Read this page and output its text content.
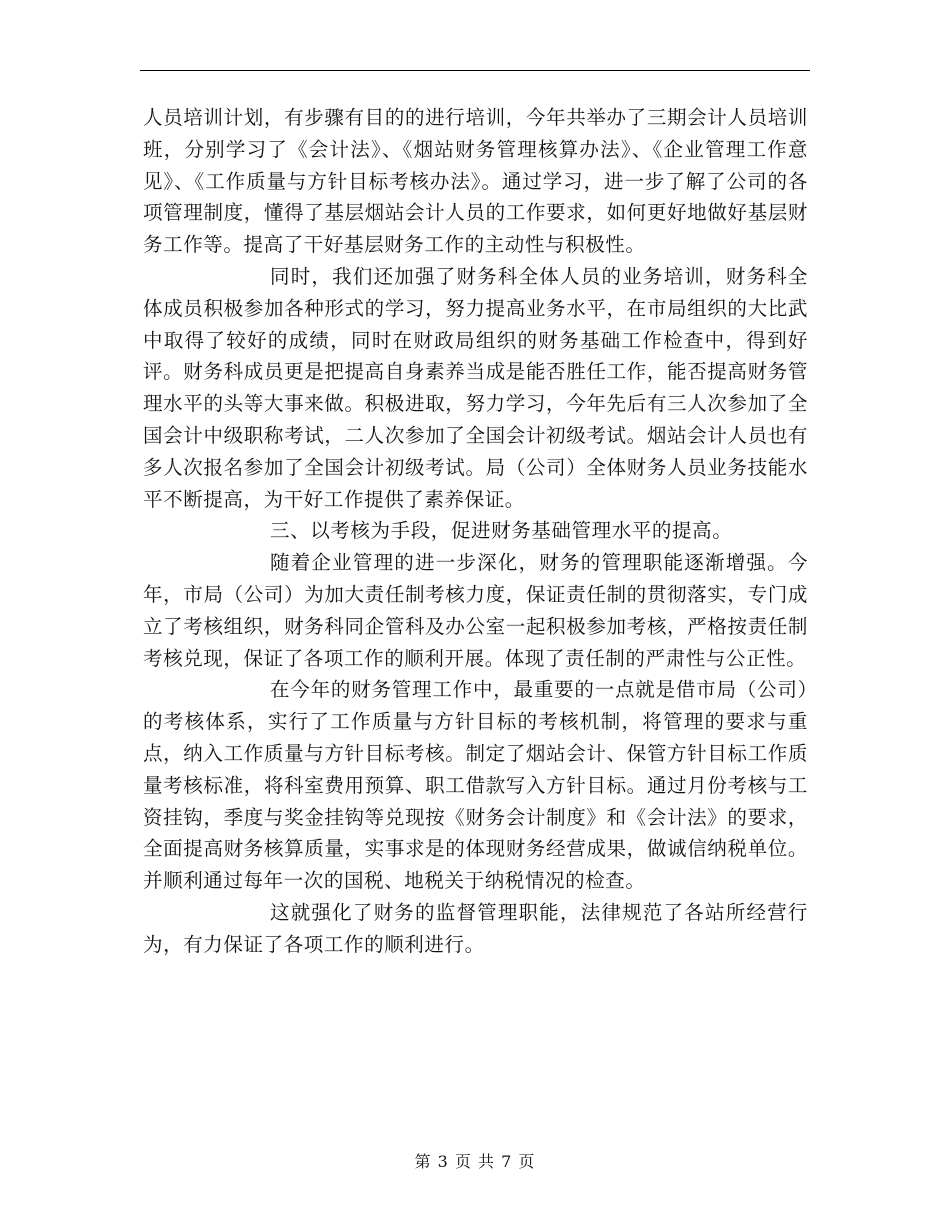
人员培训计划，有步骤有目的的进行培训，今年共举办了三期会计人员培训班，分别学习了《会计法》、《烟站财务管理核算办法》、《企业管理工作意见》、《工作质量与方针目标考核办法》。通过学习，进一步了解了公司的各项管理制度，懂得了基层烟站会计人员的工作要求，如何更好地做好基层财务工作等。提高了干好基层财务工作的主动性与积极性。

同时，我们还加强了财务科全体人员的业务培训，财务科全体成员积极参加各种形式的学习，努力提高业务水平，在市局组织的大比武中取得了较好的成绩，同时在财政局组织的财务基础工作检查中，得到好评。财务科成员更是把提高自身素养当成是能否胜任工作，能否提高财务管理水平的头等大事来做。积极进取，努力学习，今年先后有三人次参加了全国会计中级职称考试，二人次参加了全国会计初级考试。烟站会计人员也有多人次报名参加了全国会计初级考试。局（公司）全体财务人员业务技能水平不断提高，为干好工作提供了素养保证。

三、以考核为手段，促进财务基础管理水平的提高。

随着企业管理的进一步深化，财务的管理职能逐渐增强。今年，市局（公司）为加大责任制考核力度，保证责任制的贯彻落实，专门成立了考核组织，财务科同企管科及办公室一起积极参加考核，严格按责任制考核兑现，保证了各项工作的顺利开展。体现了责任制的严肃性与公正性。

在今年的财务管理工作中，最重要的一点就是借市局（公司）的考核体系，实行了工作质量与方针目标的考核机制，将管理的要求与重点，纳入工作质量与方针目标考核。制定了烟站会计、保管方针目标工作质量考核标准，将科室费用预算、职工借款写入方针目标。通过月份考核与工资挂钩，季度与奖金挂钩等兑现按《财务会计制度》和《会计法》的要求，全面提高财务核算质量，实事求是的体现财务经营成果，做诚信纳税单位。并顺利通过每年一次的国税、地税关于纳税情况的检查。

这就强化了财务的监督管理职能，法律规范了各站所经营行为，有力保证了各项工作的顺利进行。

第 3 页 共 7 页
